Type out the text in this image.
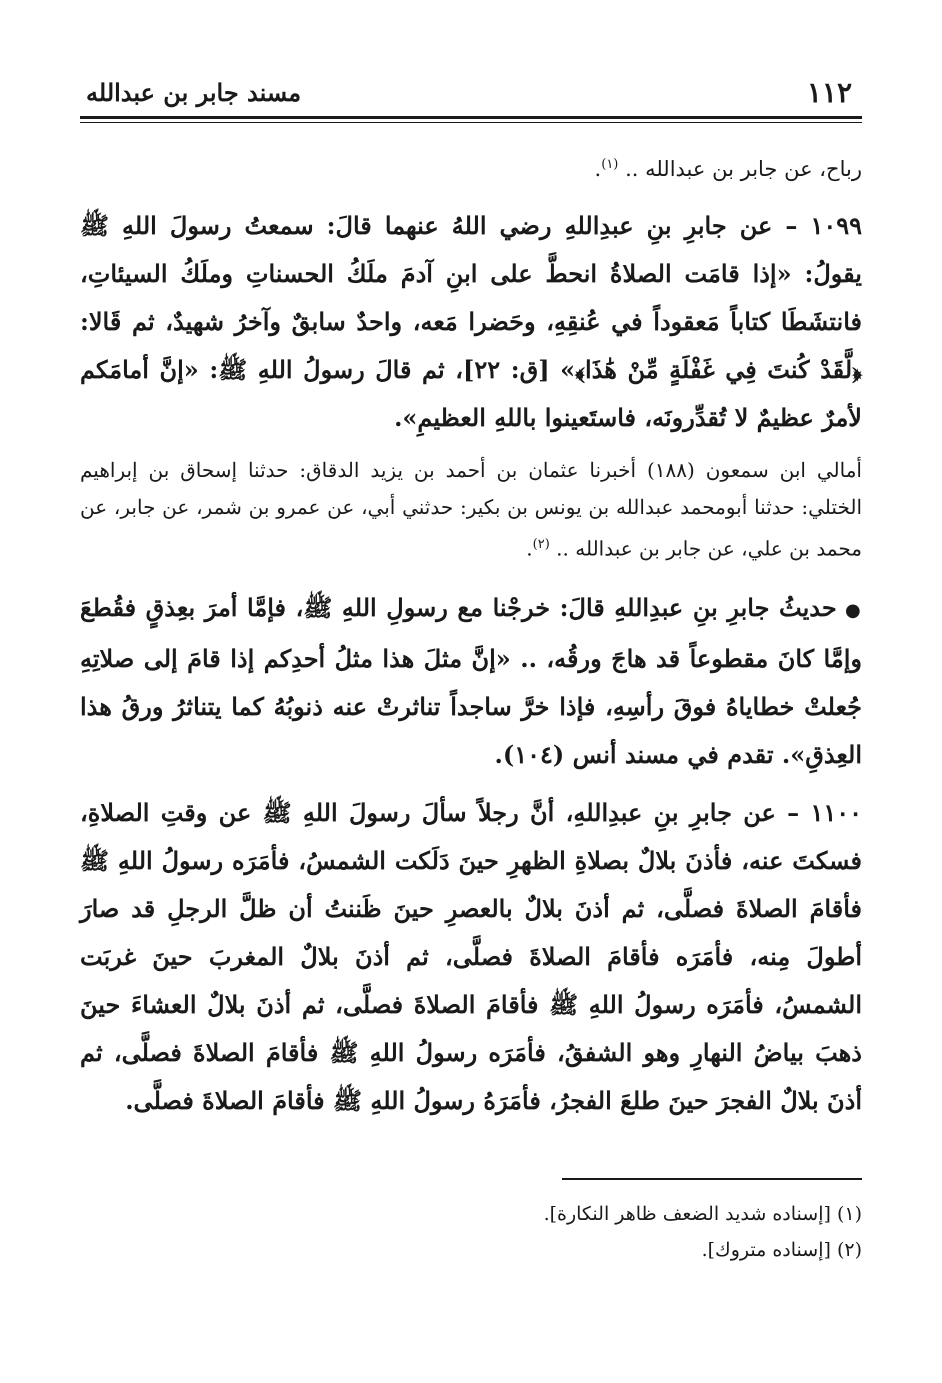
١١٢
مسند جابر بن عبدالله

رباح، عن جابر بن عبدالله .. $^{(١)}$.

١٠٩٩ – عن جابرِ بنِ عبدِاللهِ رضي اللهُ عنهما قالَ: سمعتُ رسولَ اللهِ ﷺ يقولُ: «إذا قامَت الصلاةُ انحطَّ على ابنِ آدمَ ملَكُ الحسناتِ وملَكُ السيئاتِ، فانتشَطَا كتاباً مَعقوداً في عُنقِهِ، وحَضرا مَعه، واحدٌ سابقٌ وآخرُ شهيدٌ، ثم قَالا: ﴿لَّقَدْ كُنتَ فِي غَفْلَةٍ مِّنْ هَٰذَا﴾» [ق: ٢٢]، ثم قالَ رسولُ اللهِ ﷺ: «إنَّ أمامَكم لأمرٌ عظيمٌ لا تُقدِّرونَه، فاستَعينوا باللهِ العظيمِ».

أمالي ابن سمعون (١٨٨) أخبرنا عثمان بن أحمد بن يزيد الدقاق: حدثنا إسحاق بن إبراهيم الختلي: حدثنا أبومحمد عبدالله بن يونس بن بكير: حدثني أبي، عن عمرو بن شمر، عن جابر، عن محمد بن علي، عن جابر بن عبدالله .. $^{(٢)}$.

● حديثُ جابرِ بنِ عبدِاللهِ قالَ: خرجْنا مع رسولِ اللهِ ﷺ، فإمَّا أمرَ بعِذقٍ فقُطعَ وإمَّا كانَ مقطوعاً قد هاجَ ورقُه، .. «إنَّ مثلَ هذا مثلُ أحدِكم إذا قامَ إلى صلاتِهِ جُعلتْ خطاياهُ فوقَ رأسِهِ، فإذا خرَّ ساجداً تناثرتْ عنه ذنوبُهُ كما يتناثرُ ورقُ هذا العِذقِ». تقدم في مسند أنس (١٠٤).

١١٠٠ – عن جابرِ بنِ عبدِاللهِ، أنَّ رجلاً سألَ رسولَ اللهِ ﷺ عن وقتِ الصلاةِ، فسكتَ عنه، فأذنَ بلالٌ بصلاةِ الظهرِ حينَ دَلَكت الشمسُ، فأمَرَه رسولُ اللهِ ﷺ فأقامَ الصلاةَ فصلَّى، ثم أذنَ بلالٌ بالعصرِ حينَ ظَننتُ أن ظلَّ الرجلِ قد صارَ أطولَ مِنه، فأمَرَه فأقامَ الصلاةَ فصلَّى، ثم أذنَ بلالٌ المغربَ حينَ غربَت الشمسُ، فأمَرَه رسولُ اللهِ ﷺ فأقامَ الصلاةَ فصلَّى، ثم أذنَ بلالٌ العشاءَ حينَ ذهبَ بياضُ النهارِ وهو الشفقُ، فأمَرَه رسولُ اللهِ ﷺ فأقامَ الصلاةَ فصلَّى، ثم أذنَ بلالٌ الفجرَ حينَ طلعَ الفجرُ، فأمَرَهُ رسولُ اللهِ ﷺ فأقامَ الصلاةَ فصلَّى.

(١) [إسناده شديد الضعف ظاهر النكارة].

(٢) [إسناده متروك].
